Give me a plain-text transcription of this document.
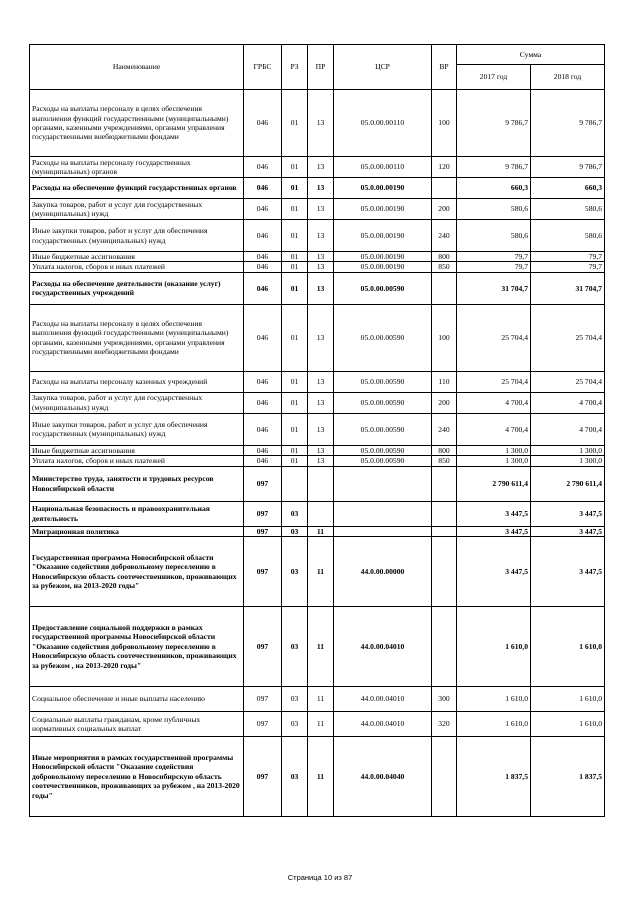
Наименование	ГРБС	РЗ	ПР	ЦСР	ВР	Сумма	
						2017 год	2018 год
Расходы на выплаты персоналу в целях обеспечения выполнения функций государственными (муниципальными) органами, казенными учреждениями, органами управления государственными внебюджетными фондами	046	01	13	05.0.00.00110	100	9 786,7	9 786,7
Расходы на выплаты персоналу государственных (муниципальных) органов	046	01	13	05.0.00.00110	120	9 786,7	9 786,7
Расходы на обеспечение функций государственных органов	046	01	13	05.0.00.00190		660,3	660,3
Закупка товаров, работ и услуг для государственных (муниципальных) нужд	046	01	13	05.0.00.00190	200	580,6	580,6
Иные закупки товаров, работ и услуг для обеспечения государственных (муниципальных) нужд	046	01	13	05.0.00.00190	240	580,6	580,6
Иные бюджетные ассигнования	046	01	13	05.0.00.00190	800	79,7	79,7
Уплата налогов, сборов и иных платежей	046	01	13	05.0.00.00190	850	79,7	79,7
Расходы на обеспечение деятельности (оказание услуг) государственных учреждений	046	01	13	05.0.00.00590		31 704,7	31 704,7
Расходы на выплаты персоналу в целях обеспечения выполнения функций государственными (муниципальными) органами, казенными учреждениями, органами управления государственными внебюджетными фондами	046	01	13	05.0.00.00590	100	25 704,4	25 704,4
Расходы на выплаты персоналу казенных учреждений	046	01	13	05.0.00.00590	110	25 704,4	25 704,4
Закупка товаров, работ и услуг для государственных (муниципальных) нужд	046	01	13	05.0.00.00590	200	4 700,4	4 700,4
Иные закупки товаров, работ и услуг для обеспечения государственных (муниципальных) нужд	046	01	13	05.0.00.00590	240	4 700,4	4 700,4
Иные бюджетные ассигнования	046	01	13	05.0.00.00590	800	1 300,0	1 300,0
Уплата налогов, сборов и иных платежей	046	01	13	05.0.00.00590	850	1 300,0	1 300,0
Министерство труда, занятости и трудовых ресурсов Новосибирской области	097					2 790 611,4	2 790 611,4
Национальная безопасность и правоохранительная деятельность	097	03				3 447,5	3 447,5
Миграционная политика	097	03	11			3 447,5	3 447,5
Государственная программа Новосибирской области "Оказание содействия добровольному переселению в Новосибирскую область соотечественников, проживающих за рубежом, на 2013-2020 годы"	097	03	11	44.0.00.00000		3 447,5	3 447,5
Предоставление социальной поддержки в рамках государственной программы Новосибирской области "Оказание содействия добровольному переселению в Новосибирскую область соотечественников, проживающих за рубежом , на 2013-2020 годы"	097	03	11	44.0.00.04010		1 610,0	1 610,0
Социальное обеспечение и иные выплаты населению	097	03	11	44.0.00.04010	300	1 610,0	1 610,0
Социальные выплаты гражданам, кроме публичных нормативных социальных выплат	097	03	11	44.0.00.04010	320	1 610,0	1 610,0
Иные мероприятия в рамках государственной программы Новосибирской области "Оказание содействия добровольному переселению в Новосибирскую область соотечественников, проживающих за рубежом , на 2013-2020 годы"	097	03	11	44.0.00.04040		1 837,5	1 837,5
Страница 10 из 87
